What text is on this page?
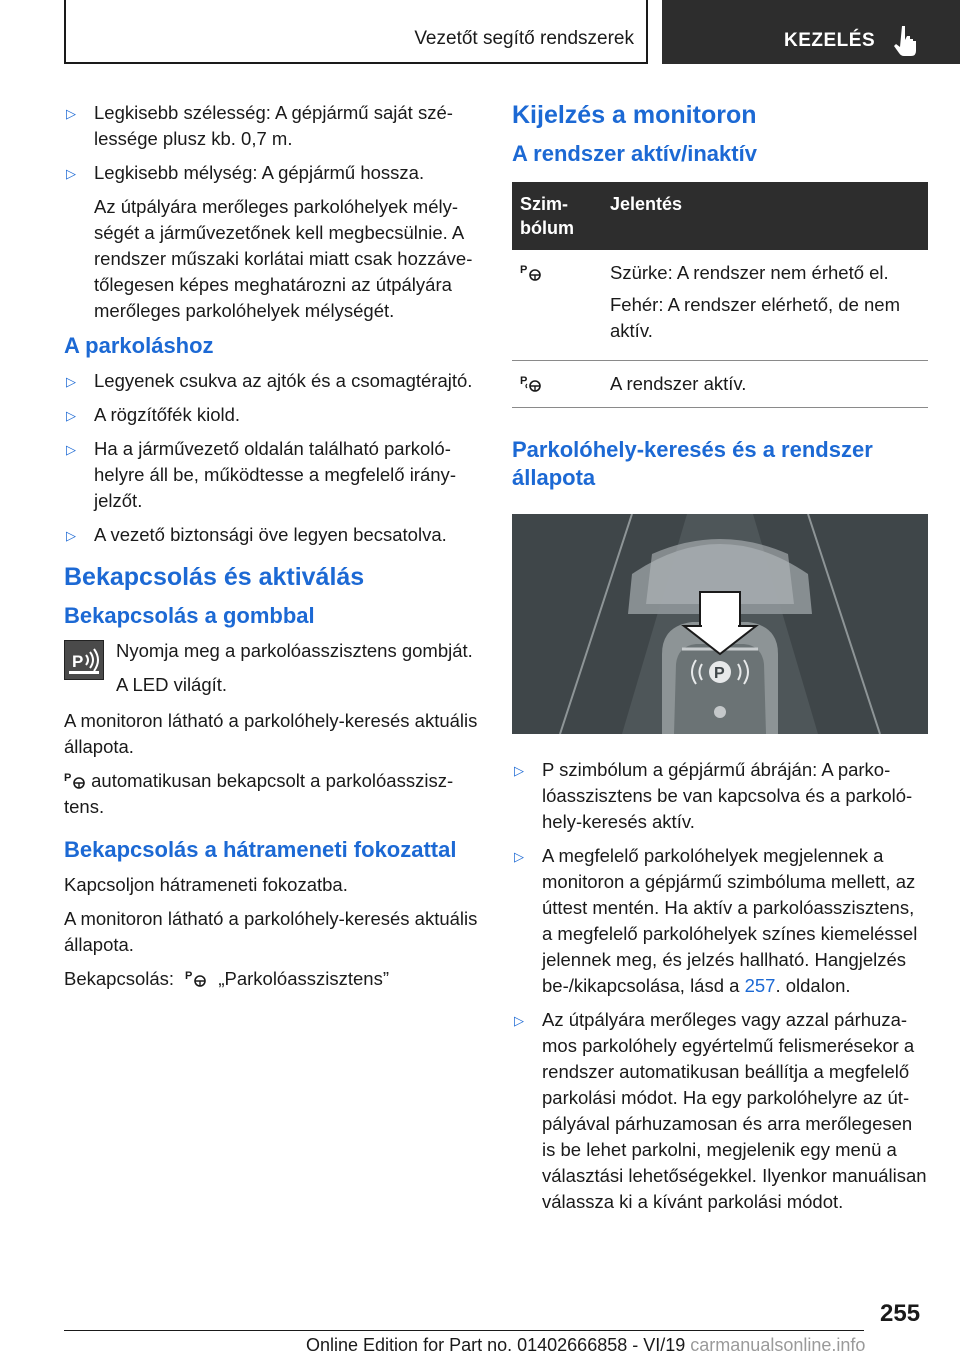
Vezetőt segítő rendszerek	KEZELÉS
▷ Legkisebb szélesség: A gépjármű saját szélessége plusz kb. 0,7 m.
▷ Legkisebb mélység: A gépjármű hossza.

Az útpályára merőleges parkolóhelyek mélységét a járművezetőnek kell megbecsülnie. A rendszer műszaki korlátai miatt csak hozzávetőlegesen képes meghatározni az útpályára merőleges parkolóhelyek mélységét.

A parkoláshoz
▷ Legyenek csukva az ajtók és a csomagtérajtó.
▷ A rögzítőfék kiold.
▷ Ha a járművezető oldalán található parkolóhelyre áll be, működtesse a megfelelő irányjelzőt.
▷ A vezető biztonsági öve legyen becsatolva.
Bekapcsolás és aktiválás
Bekapcsolás a gombbal
P

Nyomja meg a parkolóasszisztens gombját.

A LED világít.

A monitoron látható a parkolóhely-keresés aktuális állapota.

P automatikusan bekapcsolt a parkolóasszisztens.

Bekapcsolás a hátrameneti fokozattal

Kapcsoljon hátrameneti fokozatba.

A monitoron látható a parkolóhely-keresés aktuális állapota.

Bekapcsolás: P „Parkolóasszisztens”

Kijelzés a monitoron
A rendszer aktív/inaktív
Szimbólum	Jelentés

P	Szürke: A rendszer nem érhető el.

Fehér: A rendszer elérhető, de nem aktív.

P	A rendszer aktív.
Parkolóhely-keresés és a rendszer állapota
P
▷ P szimbólum a gépjármű ábráján: A parkolóasszisztens be van kapcsolva és a parkolóhely-keresés aktív.
▷ A megfelelő parkolóhelyek megjelennek a monitoron a gépjármű szimbóluma mellett, az úttest mentén. Ha aktív a parkolóasszisztens, a megfelelő parkolóhelyek színes kiemeléssel jelennek meg, és jelzés hallható. Hangjelzés be-/kikapcsolása, lásd a 257. oldalon.
▷ Az útpályára merőleges vagy azzal párhuzamos parkolóhely egyértelmű felismerésekor a rendszer automatikusan beállítja a megfelelő parkolási módot. Ha egy parkolóhelyre az útpályával párhuzamosan és arra merőlegesen is be lehet parkolni, megjelenik egy menü a választási lehetőségekkel. Ilyenkor manuálisan válassza ki a kívánt parkolási módot.
255
Online Edition for Part no. 01402666858 - VI/19 carmanualsonline.info
